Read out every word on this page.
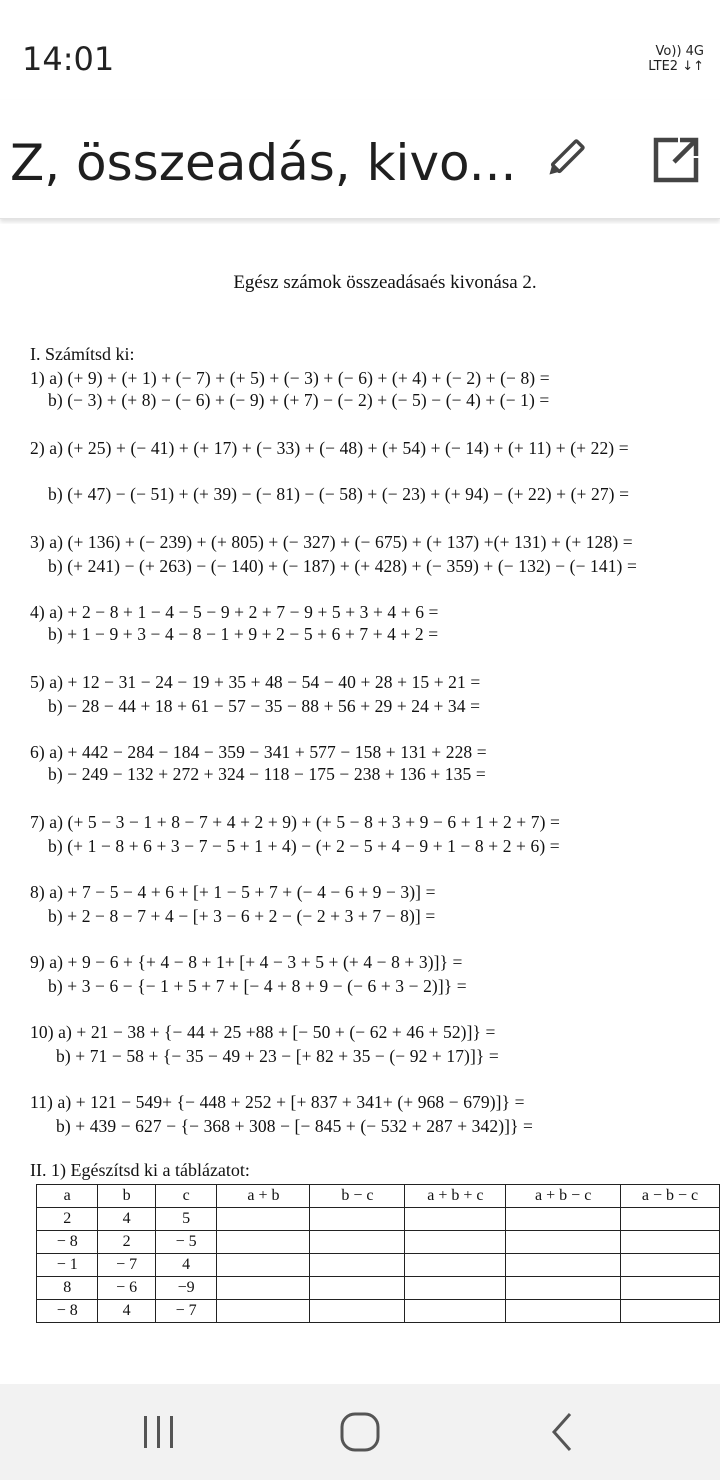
14:01	Vo)) 4G
LTE2 ↓↑
Z, összeadás, kivo...
Egész számok összeadásaés kivonása 2.
I. Számítsd ki:
1) a) (+ 9) + (+ 1) + (− 7) + (+ 5) + (− 3) + (− 6) + (+ 4) + (− 2) + (− 8) =
b) (− 3) + (+ 8) − (− 6) + (− 9) + (+ 7) − (− 2) + (− 5) − (− 4) + (− 1) =
2) a) (+ 25) + (− 41) + (+ 17) + (− 33) + (− 48) + (+ 54) + (− 14) + (+ 11) + (+ 22) =
b) (+ 47) − (− 51) + (+ 39) − (− 81) − (− 58) + (− 23) + (+ 94) − (+ 22) + (+ 27) =
3) a) (+ 136) + (− 239) + (+ 805) + (− 327) + (− 675) + (+ 137) +(+ 131) + (+ 128) =
b) (+ 241) − (+ 263) − (− 140) + (− 187) + (+ 428) + (− 359) + (− 132) − (− 141) =
4) a) + 2 − 8 + 1 − 4 − 5 − 9 + 2 + 7 − 9 + 5 + 3 + 4 + 6 =
b) + 1 − 9 + 3 − 4 − 8 − 1 + 9 + 2 − 5 + 6 + 7 + 4 + 2 =
5) a) + 12 − 31 − 24 − 19 + 35 + 48 − 54 − 40 + 28 + 15 + 21 =
b) − 28 − 44 + 18 + 61 − 57 − 35 − 88 + 56 + 29 + 24 + 34 =
6) a) + 442 − 284 − 184 − 359 − 341 + 577 − 158 + 131 + 228 =
b) − 249 − 132 + 272 + 324 − 118 − 175 − 238 + 136 + 135 =
7) a) (+ 5 − 3 − 1 + 8 − 7 + 4 + 2 + 9) + (+ 5 − 8 + 3 + 9 − 6 + 1 + 2 + 7) =
b) (+ 1 − 8 + 6 + 3 − 7 − 5 + 1 + 4) − (+ 2 − 5 + 4 − 9 + 1 − 8 + 2 + 6) =
8) a) + 7 − 5 − 4 + 6 + [+ 1 − 5 + 7 + (− 4 − 6 + 9 − 3)] =
b) + 2 − 8 − 7 + 4 − [+ 3 − 6 + 2 − (− 2 + 3 + 7 − 8)] =
9) a) + 9 − 6 + {+ 4 − 8 + 1+ [+ 4 − 3 + 5 + (+ 4 − 8 + 3)]} =
b) + 3 − 6 − {− 1 + 5 + 7 + [− 4 + 8 + 9 − (− 6 + 3 − 2)]} =
10) a) + 21 − 38 + {− 44 + 25 +88 + [− 50 + (− 62 + 46 + 52)]} =
b) + 71 − 58 + {− 35 − 49 + 23 − [+ 82 + 35 − (− 92 + 17)]} =
11) a) + 121 − 549+ {− 448 + 252 + [+ 837 + 341+ (+ 968 − 679)]} =
b) + 439 − 627 − {− 368 + 308 − [− 845 + (− 532 + 287 + 342)]} =
II. 1) Egészítsd ki a táblázatot:
a	b	c	a + b	b − c	a + b + c	a + b − c	a − b − c
2	4	5					
− 8	2	− 5					
− 1	− 7	4					
8	− 6	−9					
− 8	4	− 7					
